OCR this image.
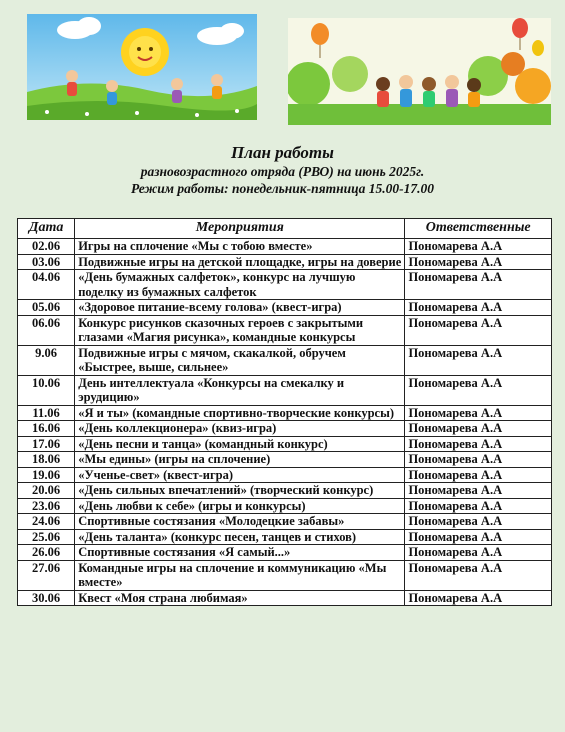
План работы
разновозрастного отряда (РВО) на июнь 2025г.
Режим работы: понедельник-пятница 15.00-17.00
Дата	Мероприятия	Ответственные
02.06	Игры на сплочение «Мы с тобою вместе»	Пономарева А.А
03.06	Подвижные игры на детской площадке, игры на доверие	Пономарева А.А
04.06	«День бумажных салфеток», конкурс на лучшую поделку из бумажных салфеток	Пономарева А.А
05.06	«Здоровое питание-всему голова» (квест-игра)	Пономарева А.А
06.06	Конкурс рисунков сказочных героев с закрытыми глазами «Магия рисунка», командные конкурсы	Пономарева А.А
9.06	Подвижные игры с мячом, скакалкой, обручем «Быстрее, выше, сильнее»	Пономарева А.А
10.06	День интеллектуала «Конкурсы на смекалку и эрудицию»	Пономарева А.А
11.06	«Я и ты» (командные спортивно-творческие конкурсы)	Пономарева А.А
16.06	«День коллекционера» (квиз-игра)	Пономарева А.А
17.06	«День песни и танца» (командный конкурс)	Пономарева А.А
18.06	«Мы едины» (игры на сплочение)	Пономарева А.А
19.06	«Ученье-свет» (квест-игра)	Пономарева А.А
20.06	«День сильных впечатлений» (творческий конкурс)	Пономарева А.А
23.06	«День любви к себе» (игры и конкурсы)	Пономарева А.А
24.06	Спортивные состязания «Молодецкие забавы»	Пономарева А.А
25.06	«День таланта» (конкурс песен, танцев и стихов)	Пономарева А.А
26.06	Спортивные состязания «Я самый...»	Пономарева А.А
27.06	Командные игры на сплочение и коммуникацию «Мы вместе»	Пономарева А.А
30.06	Квест «Моя страна любимая»	Пономарева А.А
